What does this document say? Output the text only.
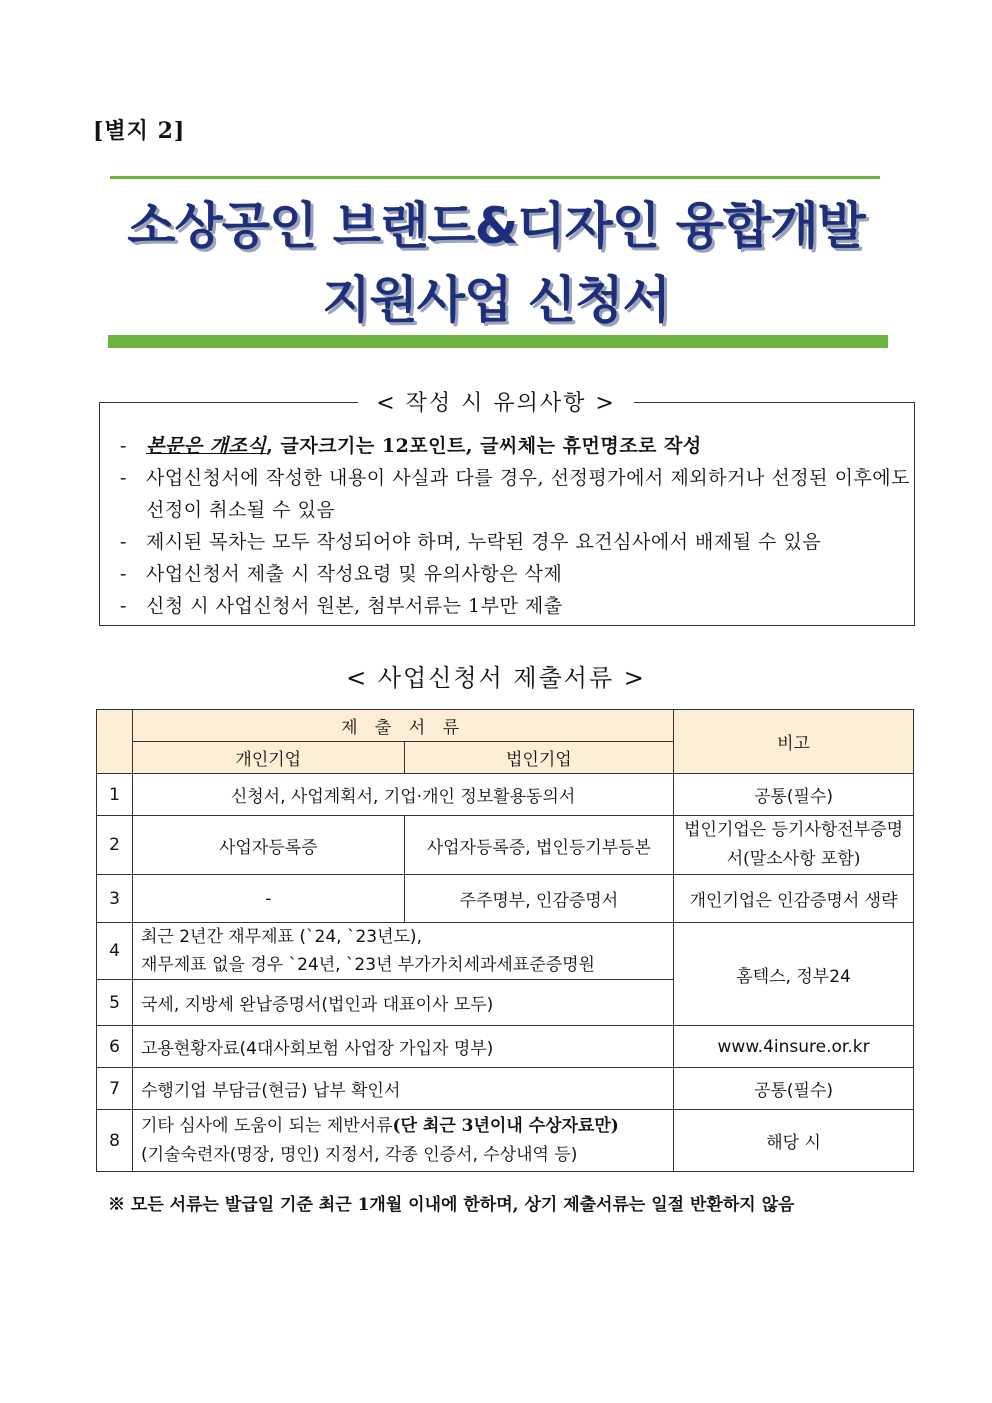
[별지 2]
소상공인 브랜드&디자인 융합개발
지원사업 신청서
< 작성 시 유의사항 >
-	본문은 개조식, 글자크기는 12포인트, 글씨체는 휴먼명조로 작성
-	사업신청서에 작성한 내용이 사실과 다를 경우, 선정평가에서 제외하거나 선정된 이후에도 선정이 취소될 수 있음
-	제시된 목차는 모두 작성되어야 하며, 누락된 경우 요건심사에서 배제될 수 있음
-	사업신청서 제출 시 작성요령 및 유의사항은 삭제
-	신청 시 사업신청서 원본, 첨부서류는 1부만 제출
< 사업신청서 제출서류 >
	제 출 서 류		비고
	개인기업	법인기업	
1	신청서, 사업계획서, 기업·개인 정보활용동의서		공통(필수)
2	사업자등록증	사업자등록증, 법인등기부등본	법인기업은 등기사항전부증명서(말소사항 포함)
3	-	주주명부, 인감증명서	개인기업은 인감증명서 생략
4	최근 2년간 재무제표 (`24, `23년도),
재무제표 없을 경우 `24년, `23년 부가가치세과세표준증명원		홈텍스, 정부24
5	국세, 지방세 완납증명서(법인과 대표이사 모두)		
6	고용현황자료(4대사회보험 사업장 가입자 명부)		www.4insure.or.kr
7	수행기업 부담금(현금) 납부 확인서		공통(필수)
8	기타 심사에 도움이 되는 제반서류(단 최근 3년이내 수상자료만)
(기술숙련자(명장, 명인) 지정서, 각종 인증서, 수상내역 등)		해당 시
※ 모든 서류는 발급일 기준 최근 1개월 이내에 한하며, 상기 제출서류는 일절 반환하지 않음
